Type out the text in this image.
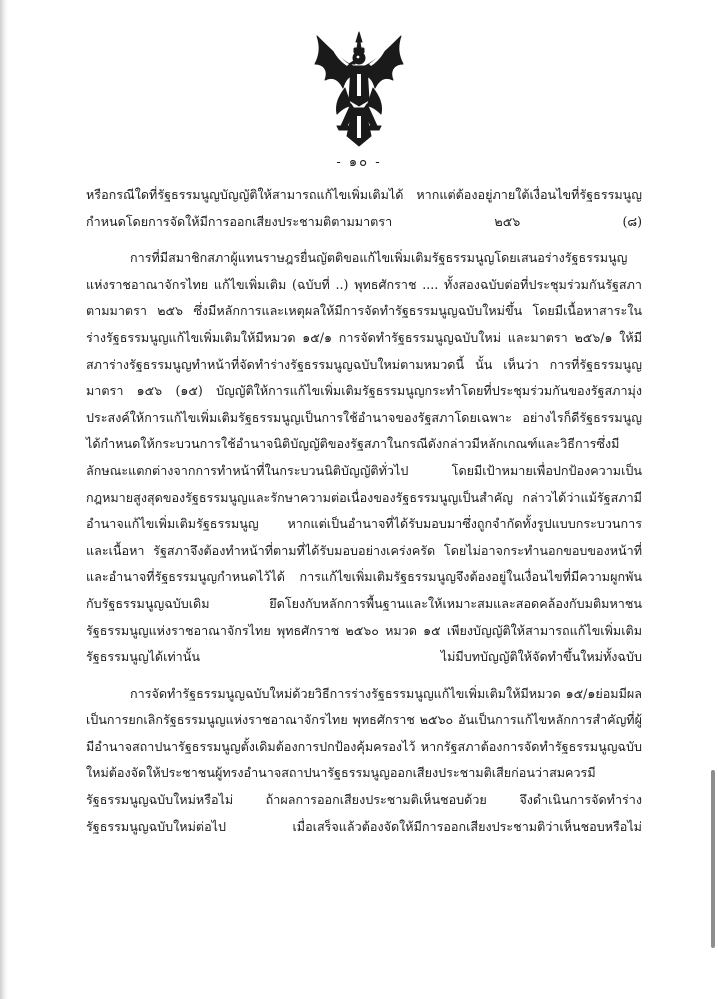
- ๑๐ -

หรือกรณีใดที่รัฐธรรมนูญบัญญัติให้สามารถแก้ไขเพิ่มเติมได้ หากแต่ต้องอยู่ภายใต้เงื่อนไขที่รัฐธรรมนูญกำหนดโดยการจัดให้มีการออกเสียงประชามติตามมาตรา ๒๕๖ (๘)

การที่มีสมาชิกสภาผู้แทนราษฎรยื่นญัตติขอแก้ไขเพิ่มเติมรัฐธรรมนูญโดยเสนอร่างรัฐธรรมนูญแห่งราชอาณาจักรไทย แก้ไขเพิ่มเติม (ฉบับที่ ..) พุทธศักราช .... ทั้งสองฉบับต่อที่ประชุมร่วมกันรัฐสภาตามมาตรา ๒๕๖ ซึ่งมีหลักการและเหตุผลให้มีการจัดทำรัฐธรรมนูญฉบับใหม่ขึ้น โดยมีเนื้อหาสาระในร่างรัฐธรรมนูญแก้ไขเพิ่มเติมให้มีหมวด ๑๕/๑ การจัดทำรัฐธรรมนูญฉบับใหม่ และมาตรา ๒๕๖/๑ ให้มีสภาร่างรัฐธรรมนูญทำหน้าที่จัดทำร่างรัฐธรรมนูญฉบับใหม่ตามหมวดนี้ นั้น เห็นว่า การที่รัฐธรรมนูญ มาตรา ๑๕๖ (๑๕) บัญญัติให้การแก้ไขเพิ่มเติมรัฐธรรมนูญกระทำโดยที่ประชุมร่วมกันของรัฐสภามุ่งประสงค์ให้การแก้ไขเพิ่มเติมรัฐธรรมนูญเป็นการใช้อำนาจของรัฐสภาโดยเฉพาะ อย่างไรก็ดีรัฐธรรมนูญได้กำหนดให้กระบวนการใช้อำนาจนิติบัญญัติของรัฐสภาในกรณีดังกล่าวมีหลักเกณฑ์และวิธีการซึ่งมีลักษณะแตกต่างจากการทำหน้าที่ในกระบวนนิติบัญญัติทั่วไป โดยมีเป้าหมายเพื่อปกป้องความเป็นกฎหมายสูงสุดของรัฐธรรมนูญและรักษาความต่อเนื่องของรัฐธรรมนูญเป็นสำคัญ กล่าวได้ว่าแม้รัฐสภามีอำนาจแก้ไขเพิ่มเติมรัฐธรรมนูญ หากแต่เป็นอำนาจที่ได้รับมอบมาซึ่งถูกจำกัดทั้งรูปแบบกระบวนการ และเนื้อหา รัฐสภาจึงต้องทำหน้าที่ตามที่ได้รับมอบอย่างเคร่งครัด โดยไม่อาจกระทำนอกขอบของหน้าที่และอำนาจที่รัฐธรรมนูญกำหนดไว้ได้ การแก้ไขเพิ่มเติมรัฐธรรมนูญจึงต้องอยู่ในเงื่อนไขที่มีความผูกพันกับรัฐธรรมนูญฉบับเดิม ยึดโยงกับหลักการพื้นฐานและให้เหมาะสมและสอดคล้องกับมติมหาชนรัฐธรรมนูญแห่งราชอาณาจักรไทย พุทธศักราช ๒๕๖๐ หมวด ๑๕ เพียงบัญญัติให้สามารถแก้ไขเพิ่มเติมรัฐธรรมนูญได้เท่านั้น ไม่มีบทบัญญัติให้จัดทำขึ้นใหม่ทั้งฉบับ

การจัดทำรัฐธรรมนูญฉบับใหม่ด้วยวิธีการร่างรัฐธรรมนูญแก้ไขเพิ่มเติมให้มีหมวด ๑๕/๑ย่อมมีผลเป็นการยกเลิกรัฐธรรมนูญแห่งราชอาณาจักรไทย พุทธศักราช ๒๕๖๐ อันเป็นการแก้ไขหลักการสำคัญที่ผู้มีอำนาจสถาปนารัฐธรรมนูญตั้งเดิมต้องการปกป้องคุ้มครองไว้ หากรัฐสภาต้องการจัดทำรัฐธรรมนูญฉบับใหม่ต้องจัดให้ประชาชนผู้ทรงอำนาจสถาปนารัฐธรรมนูญออกเสียงประชามติเสียก่อนว่าสมควรมีรัฐธรรมนูญฉบับใหม่หรือไม่ ถ้าผลการออกเสียงประชามติเห็นชอบด้วย จึงดำเนินการจัดทำร่างรัฐธรรมนูญฉบับใหม่ต่อไป เมื่อเสร็จแล้วต้องจัดให้มีการออกเสียงประชามติว่าเห็นชอบหรือไม่
